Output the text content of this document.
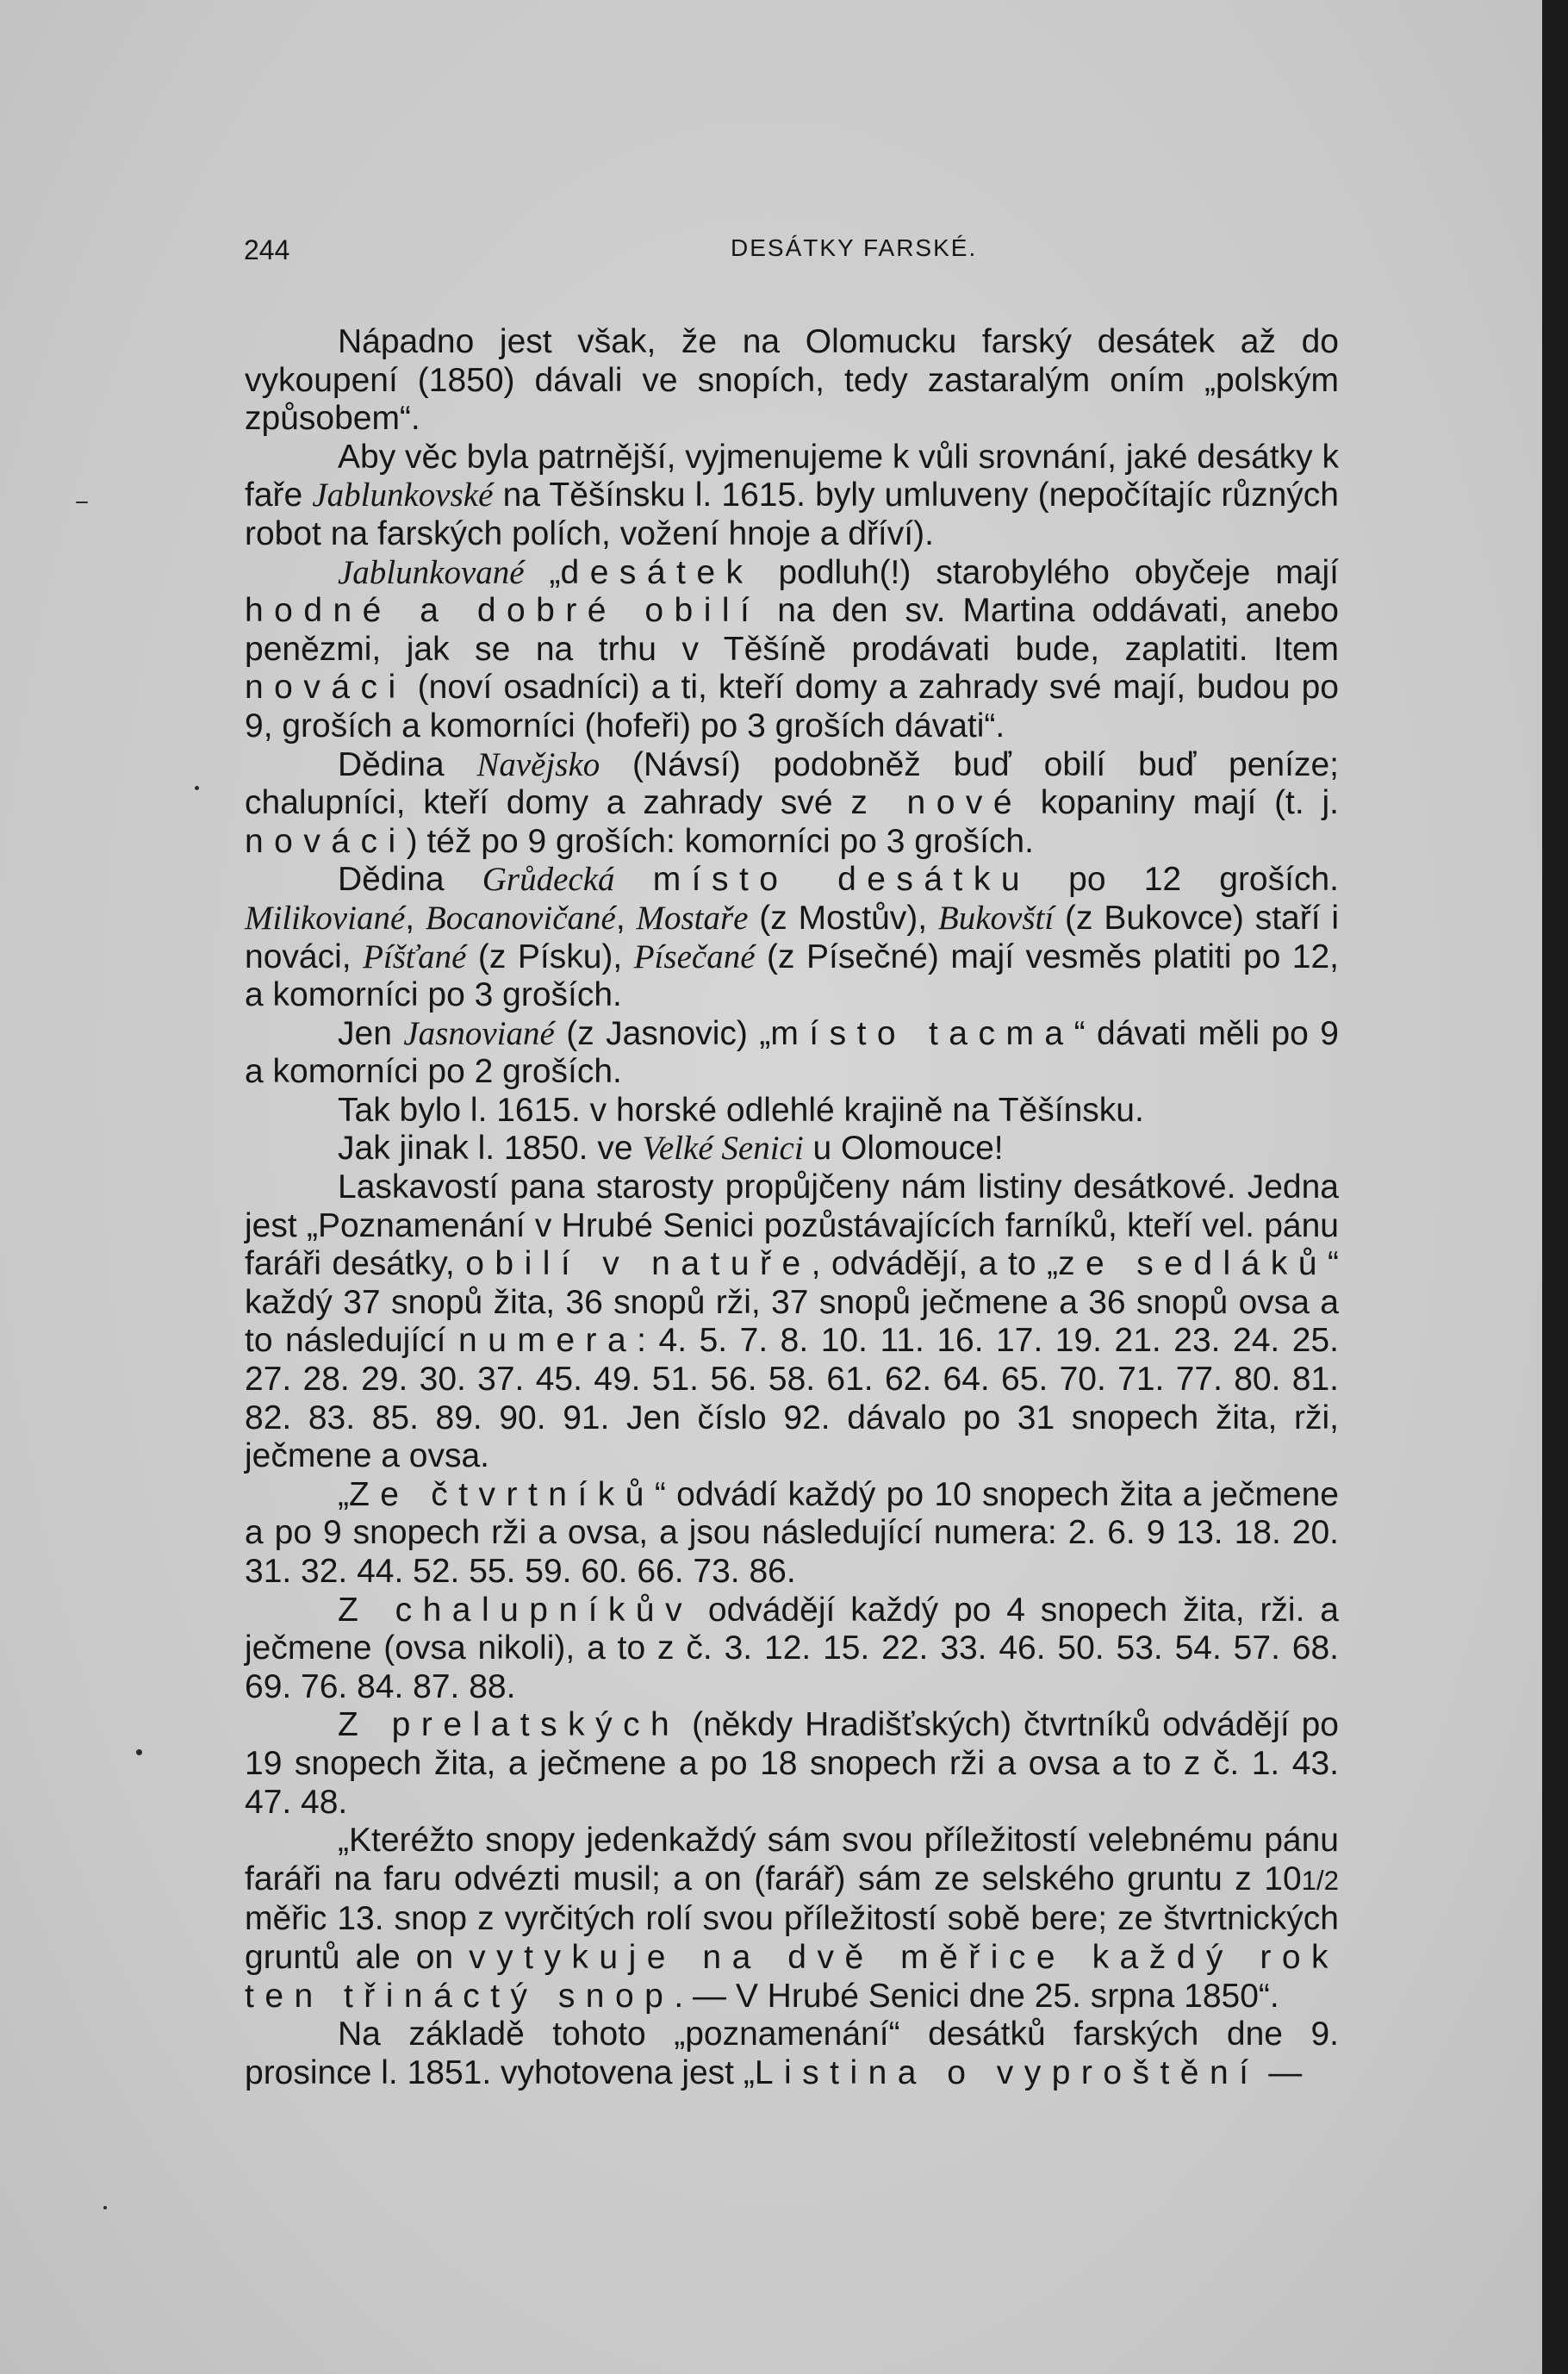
244	DESÁTKY FARSKÉ.

Nápadno jest však, že na Olomucku farský desátek až do vykoupení (1850) dávali ve snopích, tedy zastaralým oním „polským způsobem“.

Aby věc byla patrnější, vyjmenujeme k vůli srovnání, jaké desátky k faře Jablunkovské na Těšínsku l. 1615. byly umluveny (nepočítajíc různých robot na farských polích, vožení hnoje a dříví).

Jablunkované „desátek podluh(!) starobylého obyčeje mají hodné a dobré obilí na den sv. Martina oddávati, anebo penězmi, jak se na trhu v Těšíně prodávati bude, zaplatiti. Item nováci (noví osadníci) a ti, kteří domy a zahrady své mají, budou po 9, groších a komorníci (hofeři) po 3 groších dávati“.

Dědina Navějsko (Návsí) podobněž buď obilí buď peníze; chalupníci, kteří domy a zahrady své z nové kopaniny mají (t. j. nováci) též po 9 groších: komorníci po 3 groších.

Dědina Grůdecká místo desátku po 12 groších. Milikoviané, Bocanovičané, Mostaře (z Mostův), Bukovští (z Bukovce) staří i nováci, Píšťané (z Písku), Písečané (z Písečné) mají vesměs platiti po 12, a komorníci po 3 groších.

Jen Jasnoviané (z Jasnovic) „místo tacma“ dávati měli po 9 a komorníci po 2 groších.

Tak bylo l. 1615. v horské odlehlé krajině na Těšínsku.

Jak jinak l. 1850. ve Velké Senici u Olomouce!

Laskavostí pana starosty propůjčeny nám listiny desátkové. Jedna jest „Poznamenání v Hrubé Senici pozůstávajících farníků, kteří vel. pánu faráři desátky, obilí v natuře, odvádějí, a to „ze sedláků“ každý 37 snopů žita, 36 snopů rži, 37 snopů ječmene a 36 snopů ovsa a to následující numera: 4. 5. 7. 8. 10. 11. 16. 17. 19. 21. 23. 24. 25. 27. 28. 29. 30. 37. 45. 49. 51. 56. 58. 61. 62. 64. 65. 70. 71. 77. 80. 81. 82. 83. 85. 89. 90. 91. Jen číslo 92. dávalo po 31 snopech žita, rži, ječmene a ovsa.

„Ze čtvrtníků“ odvádí každý po 10 snopech žita a ječmene a po 9 snopech rži a ovsa, a jsou následující numera: 2. 6. 9 13. 18. 20. 31. 32. 44. 52. 55. 59. 60. 66. 73. 86.

Z chalupníkův odvádějí každý po 4 snopech žita, rži. a ječmene (ovsa nikoli), a to z č. 3. 12. 15. 22. 33. 46. 50. 53. 54. 57. 68. 69. 76. 84. 87. 88.

Z prelatských (někdy Hradišťských) čtvrtníků odvádějí po 19 snopech žita, a ječmene a po 18 snopech rži a ovsa a to z č. 1. 43. 47. 48.

„Kteréžto snopy jedenkaždý sám svou příležitostí velebnému pánu faráři na faru odvézti musil; a on (farář) sám ze selského gruntu z 101/2 měřic 13. snop z vyrčitých rolí svou příležitostí sobě bere; ze štvrtnických gruntů ale on vytykuje na dvě měřice každý rok ten třináctý snop. — V Hrubé Senici dne 25. srpna 1850“.

Na základě tohoto „poznamenání“ desátků farských dne 9. prosince l. 1851. vyhotovena jest „Listina o vyproštění —
